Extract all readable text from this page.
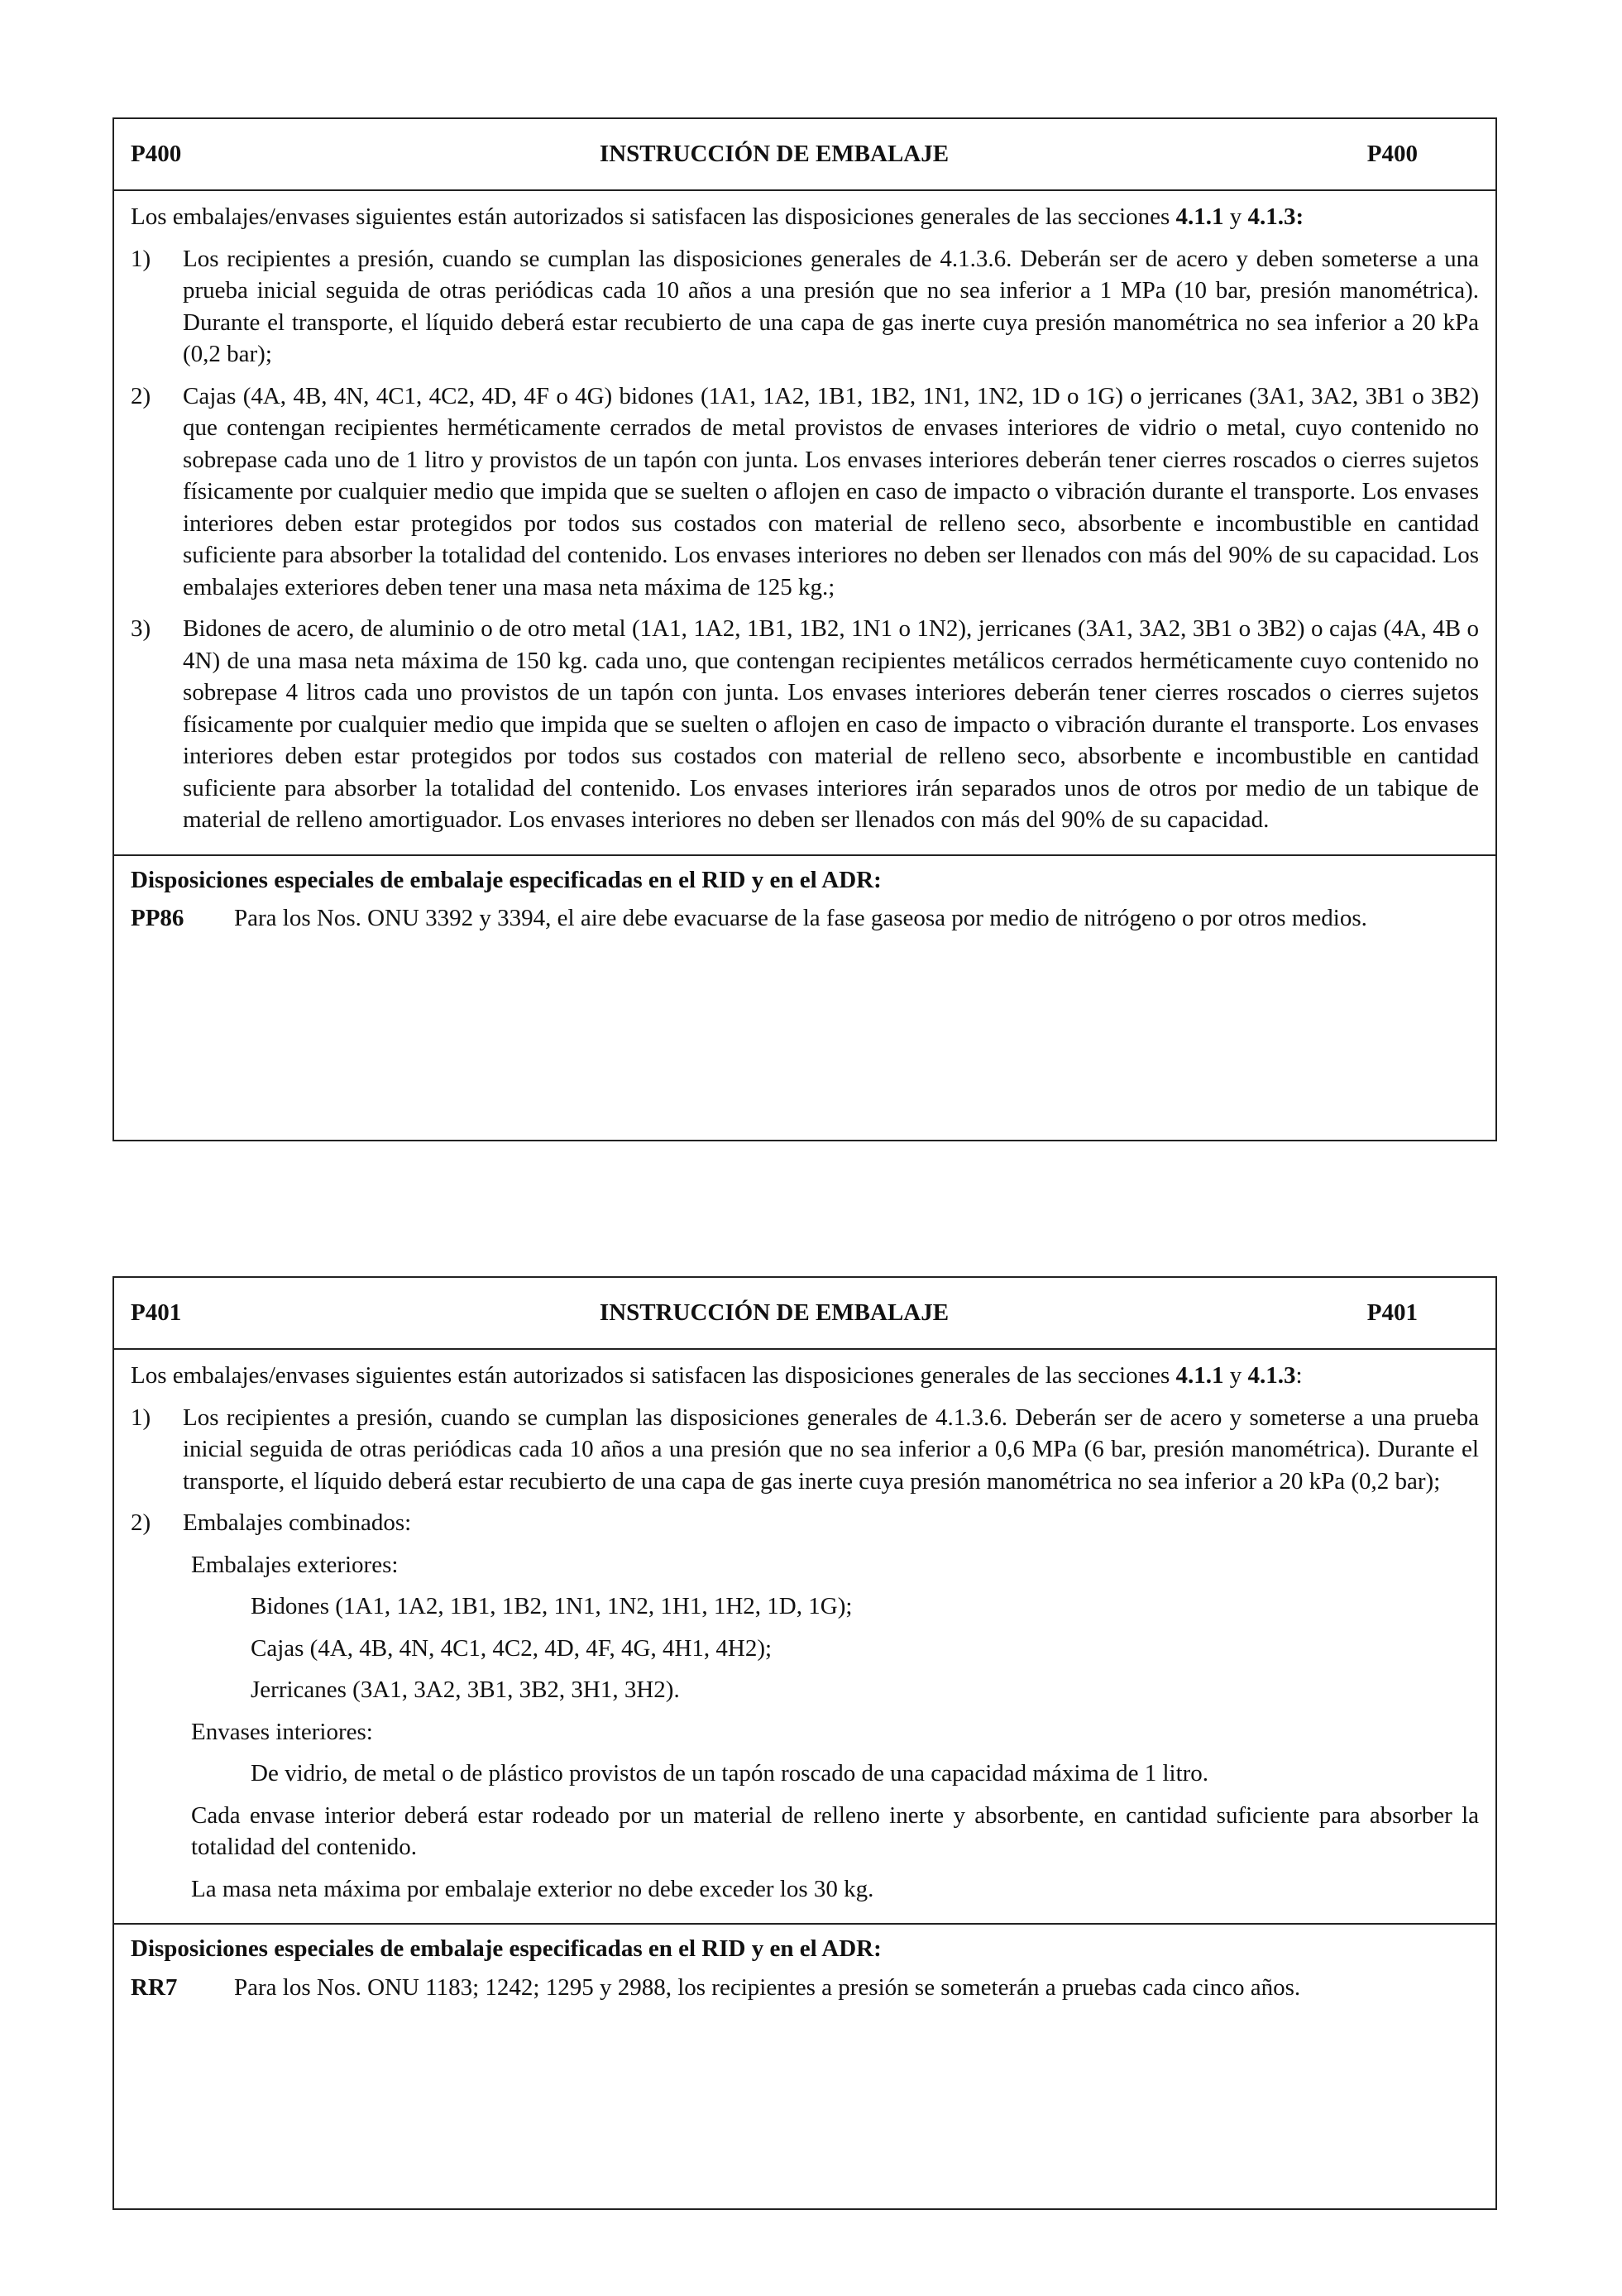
P400	INSTRUCCIÓN DE EMBALAJE	P400
Los embalajes/envases siguientes están autorizados si satisfacen las disposiciones generales de las secciones 4.1.1 y 4.1.3:
1)	Los recipientes a presión, cuando se cumplan las disposiciones generales de 4.1.3.6. Deberán ser de acero y deben someterse a una prueba inicial seguida de otras periódicas cada 10 años a una presión que no sea inferior a 1 MPa (10 bar, presión manométrica). Durante el transporte, el líquido deberá estar recubierto de una capa de gas inerte cuya presión manométrica no sea inferior a 20 kPa (0,2 bar);
2)	Cajas (4A, 4B, 4N, 4C1, 4C2, 4D, 4F o 4G) bidones (1A1, 1A2, 1B1, 1B2, 1N1, 1N2, 1D o 1G) o jerricanes (3A1, 3A2, 3B1 o 3B2) que contengan recipientes herméticamente cerrados de metal provistos de envases interiores de vidrio o metal, cuyo contenido no sobrepase cada uno de 1 litro y provistos de un tapón con junta. Los envases interiores deberán tener cierres roscados o cierres sujetos físicamente por cualquier medio que impida que se suelten o aflojen en caso de impacto o vibración durante el transporte. Los envases interiores deben estar protegidos por todos sus costados con material de relleno seco, absorbente e incombustible en cantidad suficiente para absorber la totalidad del contenido. Los envases interiores no deben ser llenados con más del 90% de su capacidad. Los embalajes exteriores deben tener una masa neta máxima de 125 kg.;
3)	Bidones de acero, de aluminio o de otro metal (1A1, 1A2, 1B1, 1B2, 1N1 o 1N2), jerricanes (3A1, 3A2, 3B1 o 3B2) o cajas (4A, 4B o 4N) de una masa neta máxima de 150 kg. cada uno, que contengan recipientes metálicos cerrados herméticamente cuyo contenido no sobrepase 4 litros cada uno provistos de un tapón con junta. Los envases interiores deberán tener cierres roscados o cierres sujetos físicamente por cualquier medio que impida que se suelten o aflojen en caso de impacto o vibración durante el transporte. Los envases interiores deben estar protegidos por todos sus costados con material de relleno seco, absorbente e incombustible en cantidad suficiente para absorber la totalidad del contenido. Los envases interiores irán separados unos de otros por medio de un tabique de material de relleno amortiguador. Los envases interiores no deben ser llenados con más del 90% de su capacidad.
Disposiciones especiales de embalaje especificadas en el RID y en el ADR:
PP86	Para los Nos. ONU 3392 y 3394, el aire debe evacuarse de la fase gaseosa por medio de nitrógeno o por otros medios.
P401	INSTRUCCIÓN DE EMBALAJE	P401
Los embalajes/envases siguientes están autorizados si satisfacen las disposiciones generales de las secciones 4.1.1 y 4.1.3:
1)	Los recipientes a presión, cuando se cumplan las disposiciones generales de 4.1.3.6. Deberán ser de acero y someterse a una prueba inicial seguida de otras periódicas cada 10 años a una presión que no sea inferior a 0,6 MPa (6 bar, presión manométrica). Durante el transporte, el líquido deberá estar recubierto de una capa de gas inerte cuya presión manométrica no sea inferior a 20 kPa (0,2 bar);
2)	Embalajes combinados:
Embalajes exteriores:
Bidones (1A1, 1A2, 1B1, 1B2, 1N1, 1N2, 1H1, 1H2, 1D, 1G);
Cajas (4A, 4B, 4N, 4C1, 4C2, 4D, 4F, 4G, 4H1, 4H2);
Jerricanes (3A1, 3A2, 3B1, 3B2, 3H1, 3H2).
Envases interiores:
De vidrio, de metal o de plástico provistos de un tapón roscado de una capacidad máxima de 1 litro.
Cada envase interior deberá estar rodeado por un material de relleno inerte y absorbente, en cantidad suficiente para absorber la totalidad del contenido.
La masa neta máxima por embalaje exterior no debe exceder los 30 kg.
Disposiciones especiales de embalaje especificadas en el RID y en el ADR:
RR7	Para los Nos. ONU 1183; 1242; 1295 y 2988, los recipientes a presión se someterán a pruebas cada cinco años.
